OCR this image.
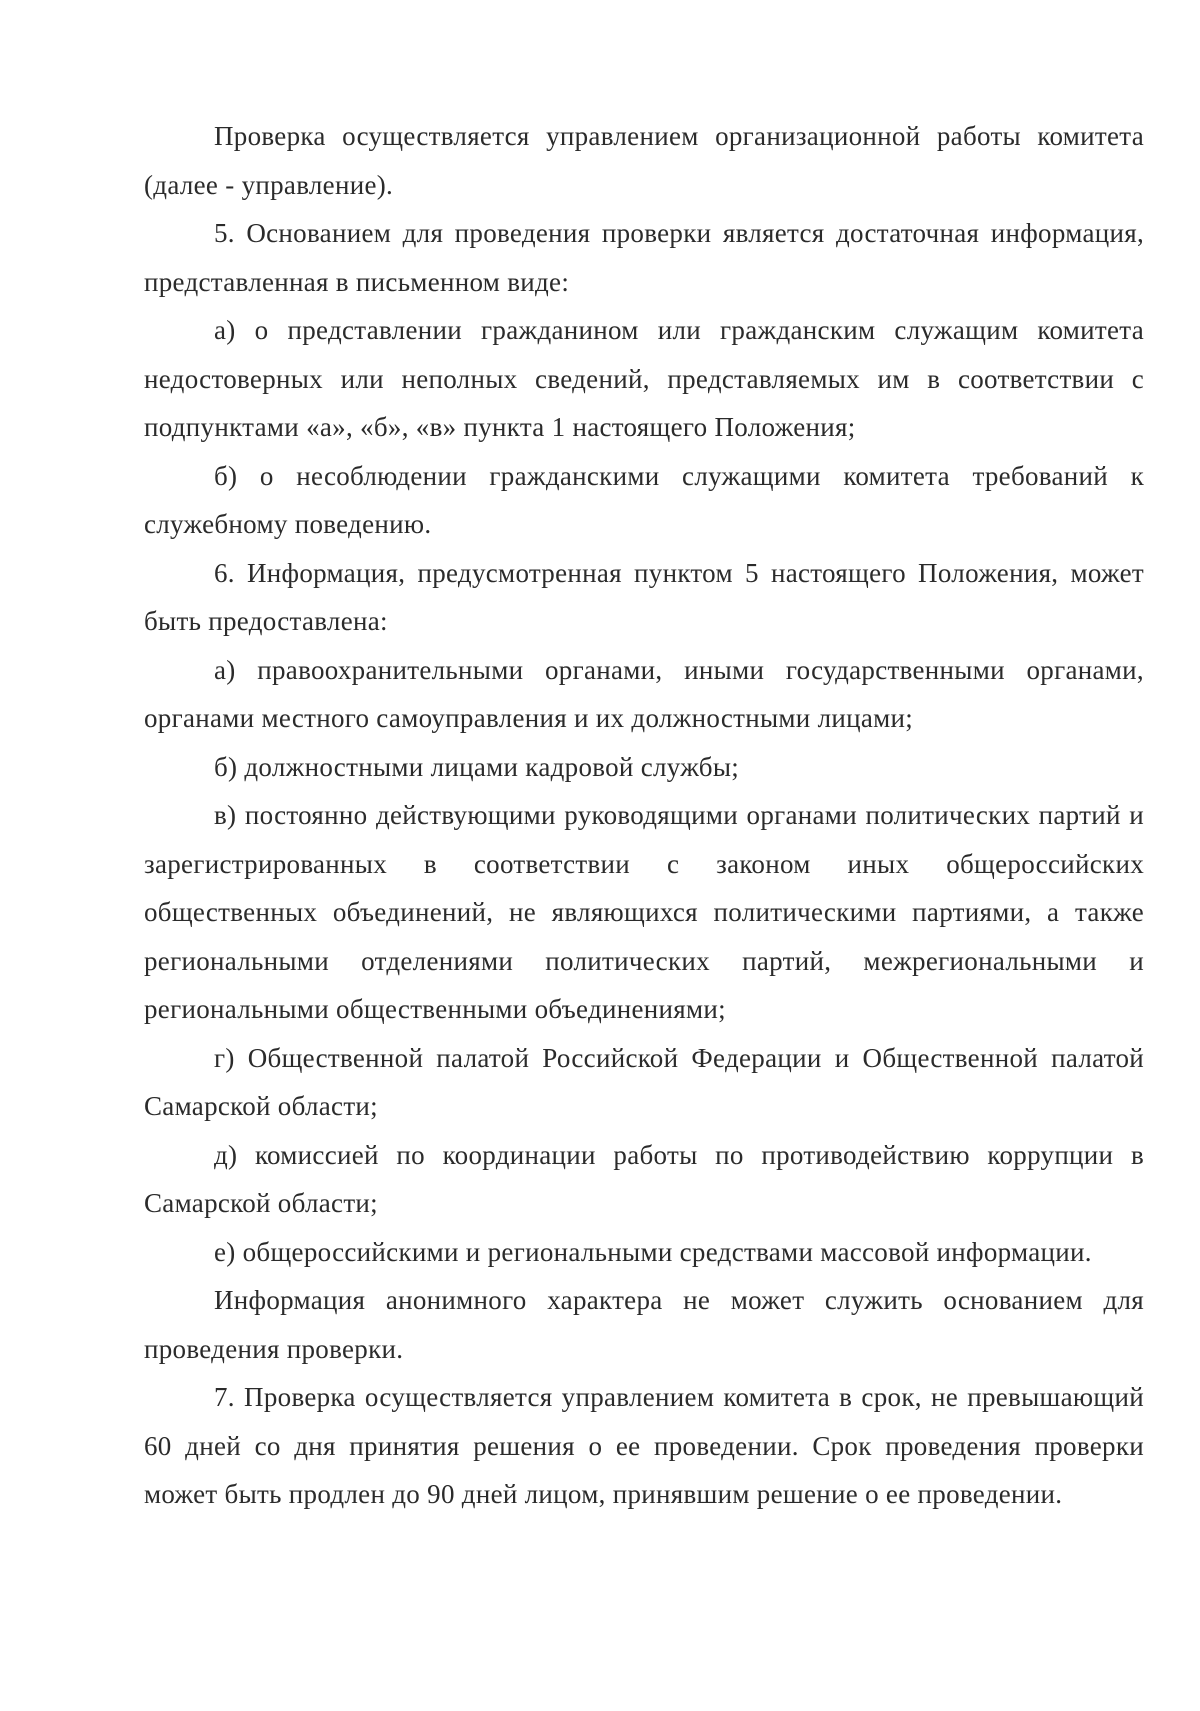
Проверка осуществляется управлением организационной работы комитета (далее - управление).

5. Основанием для проведения проверки является достаточная информация, представленная в письменном виде:

а) о представлении гражданином или гражданским служащим комитета недостоверных или неполных сведений, представляемых им в соответствии с подпунктами «а», «б», «в» пункта 1 настоящего Положения;

б) о несоблюдении гражданскими служащими комитета требований к служебному поведению.

6. Информация, предусмотренная пунктом 5 настоящего Положения, может быть предоставлена:

а) правоохранительными органами, иными государственными органами, органами местного самоуправления и их должностными лицами;

б) должностными лицами кадровой службы;

в) постоянно действующими руководящими органами политических партий и зарегистрированных в соответствии с законом иных общероссийских общественных объединений, не являющихся политическими партиями, а также региональными отделениями политических партий, межрегиональными и региональными общественными объединениями;

г) Общественной палатой Российской Федерации и Общественной палатой Самарской области;

д) комиссией по координации работы по противодействию коррупции в Самарской области;

е) общероссийскими и региональными средствами массовой информации.

Информация анонимного характера не может служить основанием для проведения проверки.

7. Проверка осуществляется управлением комитета в срок, не превышающий 60 дней со дня принятия решения о ее проведении. Срок проведения проверки может быть продлен до 90 дней лицом, принявшим решение о ее проведении.
